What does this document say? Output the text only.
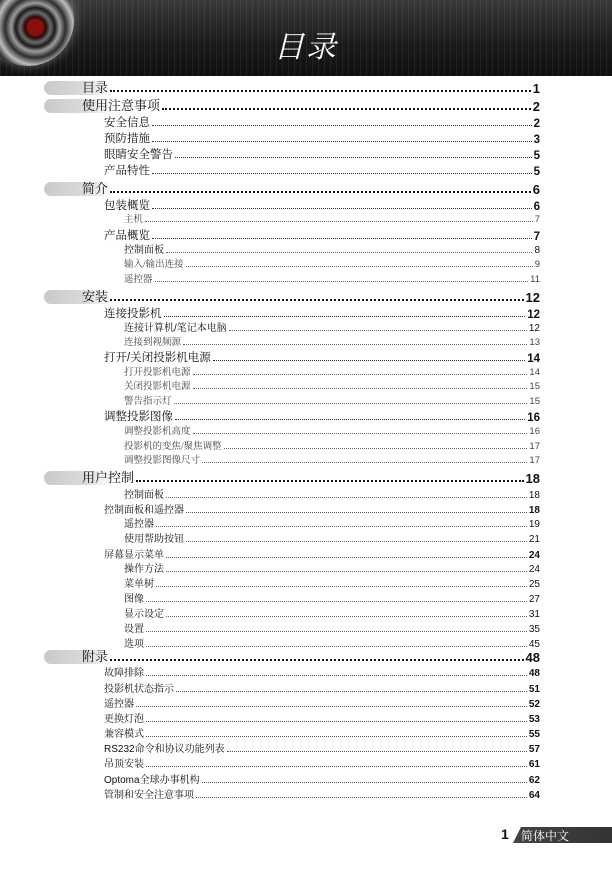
目录
目录	1
使用注意事项	2
安全信息	2
预防措施	3
眼睛安全警告	5
产品特性	5
简介	6
包装概览	6
主机	7
产品概览	7
控制面板	8
输入/输出连接	9
遥控器	11
安装	12
连接投影机	12
连接计算机/笔记本电脑	12
连接到视频源	13
打开/关闭投影机电源	14
打开投影机电源	14
关闭投影机电源	15
警告指示灯	15
调整投影图像	16
调整投影机高度	16
投影机的变焦/聚焦调整	17
调整投影图像尺寸	17
用户控制	18
控制面板	18
控制面板和遥控器	18
遥控器	19
使用帮助按钮	21
屏幕显示菜单	24
操作方法	24
菜单树	25
图像	27
显示设定	31
设置	35
选项	45
附录	48
故障排除	48
投影机状态指示	51
遥控器	52
更换灯泡	53
兼容模式	55
RS232命令和协议功能列表	57
吊顶安装	61
Optoma全球办事机构	62
管制和安全注意事项	64
1 简体中文
